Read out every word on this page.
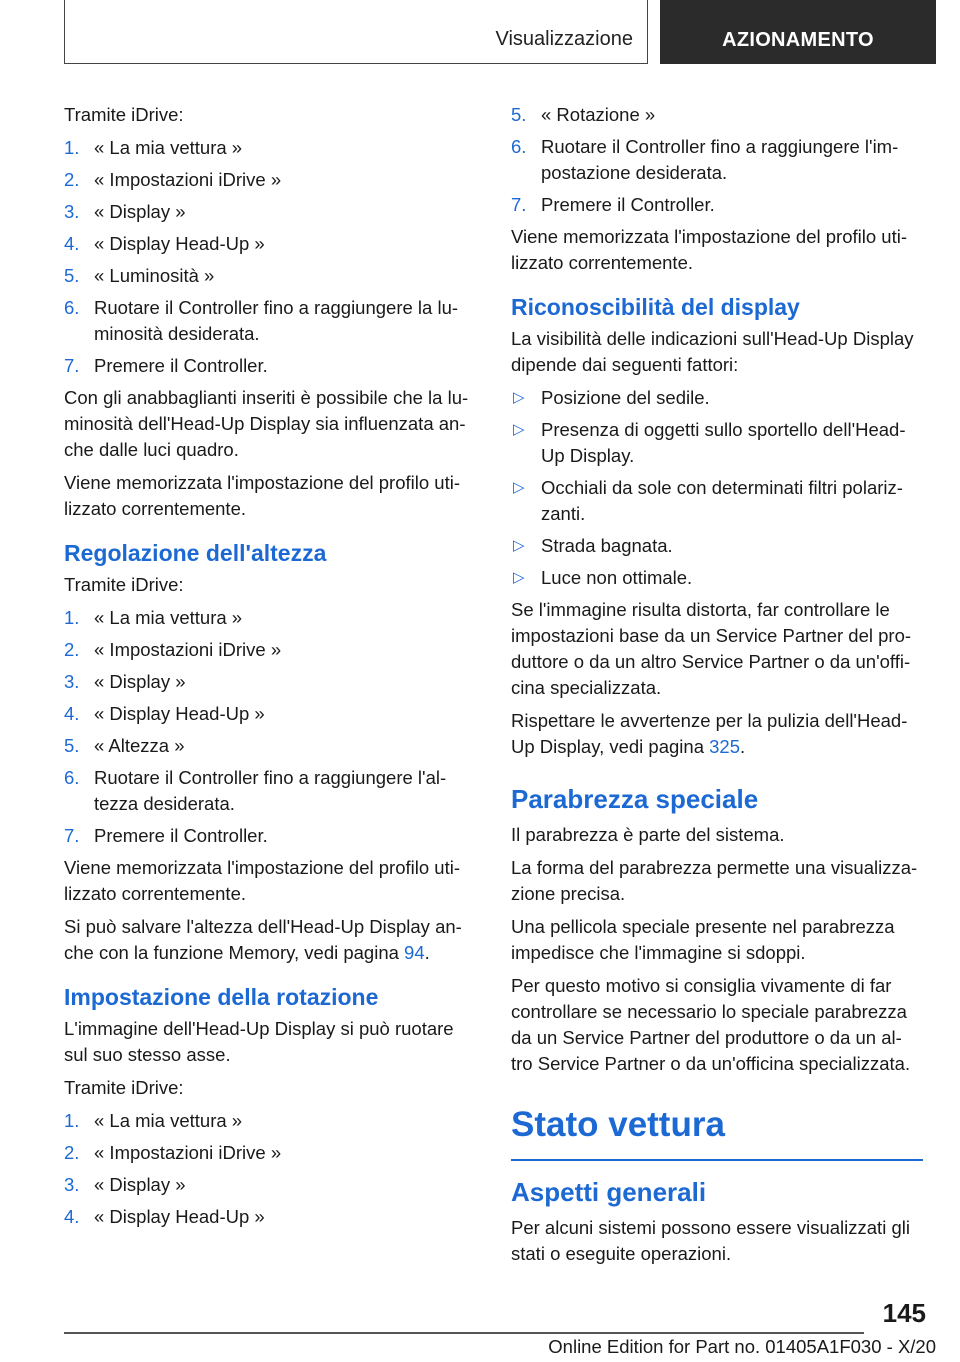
Visualizzazione	AZIONAMENTO

Tramite iDrive:

1. « La mia vettura »
2. « Impostazioni iDrive »
3. « Display »
4. « Display Head-Up »
5. « Luminosità »
6. Ruotare il Controller fino a raggiungere la lu-minosità desiderata.
7. Premere il Controller.

Con gli anabbaglianti inseriti è possibile che la lu-minosità dell'Head-Up Display sia influenzata an-che dalle luci quadro.

Viene memorizzata l'impostazione del profilo uti-lizzato correntemente.

Regolazione dell'altezza

Tramite iDrive:

1. « La mia vettura »
2. « Impostazioni iDrive »
3. « Display »
4. « Display Head-Up »
5. « Altezza »
6. Ruotare il Controller fino a raggiungere l'al-tezza desiderata.
7. Premere il Controller.

Viene memorizzata l'impostazione del profilo uti-lizzato correntemente.

Si può salvare l'altezza dell'Head-Up Display an-che con la funzione Memory, vedi pagina 94.

Impostazione della rotazione

L'immagine dell'Head-Up Display si può ruotare sul suo stesso asse.

Tramite iDrive:

1. « La mia vettura »
2. « Impostazioni iDrive »
3. « Display »
4. « Display Head-Up »
5. « Rotazione »
6. Ruotare il Controller fino a raggiungere l'im-postazione desiderata.
7. Premere il Controller.

Viene memorizzata l'impostazione del profilo uti-lizzato correntemente.

Riconoscibilità del display

La visibilità delle indicazioni sull'Head-Up Display dipende dai seguenti fattori:

▷ Posizione del sedile.
▷ Presenza di oggetti sullo sportello dell'Head-Up Display.
▷ Occhiali da sole con determinati filtri polariz-zanti.
▷ Strada bagnata.
▷ Luce non ottimale.

Se l'immagine risulta distorta, far controllare le impostazioni base da un Service Partner del pro-duttore o da un altro Service Partner o da un'offi-cina specializzata.

Rispettare le avvertenze per la pulizia dell'Head-Up Display, vedi pagina 325.

Parabrezza speciale

Il parabrezza è parte del sistema.

La forma del parabrezza permette una visualizza-zione precisa.

Una pellicola speciale presente nel parabrezza impedisce che l'immagine si sdoppi.

Per questo motivo si consiglia vivamente di far controllare se necessario lo speciale parabrezza da un Service Partner del produttore o da un al-tro Service Partner o da un'officina specializzata.

Stato vettura
Aspetti generali

Per alcuni sistemi possono essere visualizzati gli stati o eseguite operazioni.

145
Online Edition for Part no. 01405A1F030 - X/20
